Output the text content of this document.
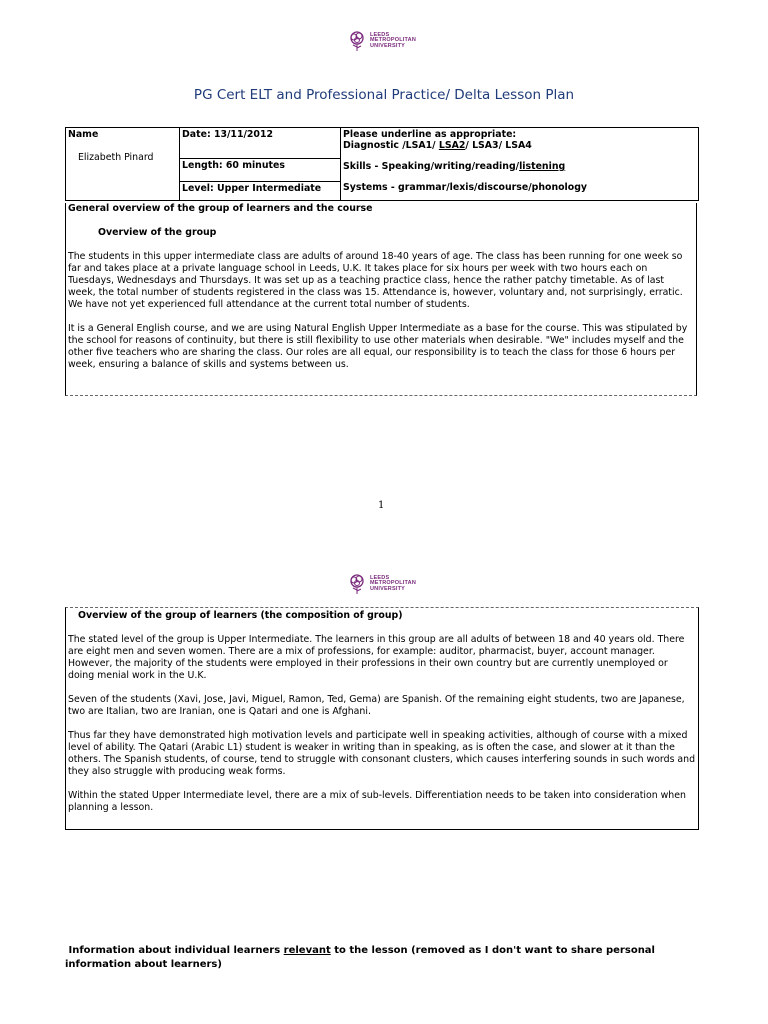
LEEDS
METROPOLITAN
UNIVERSITY
PG Cert ELT and Professional Practice/ Delta Lesson Plan
Name
Elizabeth Pinard

Date: 13/11/2012
Length: 60 minutes
Level: Upper Intermediate

Please underline as appropriate:
Diagnostic /LSA1/ LSA2/ LSA3/ LSA4
Skills - Speaking/writing/reading/listening
Systems - grammar/lexis/discourse/phonology

General overview of the group of learners and the course

Overview of the group

The students in this upper intermediate class are adults of around 18-40 years of age. The class has been running for one week so far and takes place at a private language school in Leeds, U.K. It takes place for six hours per week with two hours each on Tuesdays, Wednesdays and Thursdays. It was set up as a teaching practice class, hence the rather patchy timetable. As of last week, the total number of students registered in the class was 15. Attendance is, however, voluntary and, not surprisingly, erratic. We have not yet experienced full attendance at the current total number of students.

It is a General English course, and we are using Natural English Upper Intermediate as a base for the course. This was stipulated by the school for reasons of continuity, but there is still flexibility to use other materials when desirable. "We" includes myself and the other five teachers who are sharing the class. Our roles are all equal, our responsibility is to teach the class for those 6 hours per week, ensuring a balance of skills and systems between us.

1
LEEDS
METROPOLITAN
UNIVERSITY

Overview of the group of learners (the composition of group)

The stated level of the group is Upper Intermediate. The learners in this group are all adults of between 18 and 40 years old. There are eight men and seven women. There are a mix of professions, for example: auditor, pharmacist, buyer, account manager. However, the majority of the students were employed in their professions in their own country but are currently unemployed or doing menial work in the U.K.

Seven of the students (Xavi, Jose, Javi, Miguel, Ramon, Ted, Gema) are Spanish. Of the remaining eight students, two are Japanese, two are Italian, two are Iranian, one is Qatari and one is Afghani.

Thus far they have demonstrated high motivation levels and participate well in speaking activities, although of course with a mixed level of ability. The Qatari (Arabic L1) student is weaker in writing than in speaking, as is often the case, and slower at it than the others. The Spanish students, of course, tend to struggle with consonant clusters, which causes interfering sounds in such words and they also struggle with producing weak forms.

Within the stated Upper Intermediate level, there are a mix of sub-levels. Differentiation needs to be taken into consideration when planning a lesson.

Information about individual learners relevant to the lesson (removed as I don't want to share personal information about learners)
